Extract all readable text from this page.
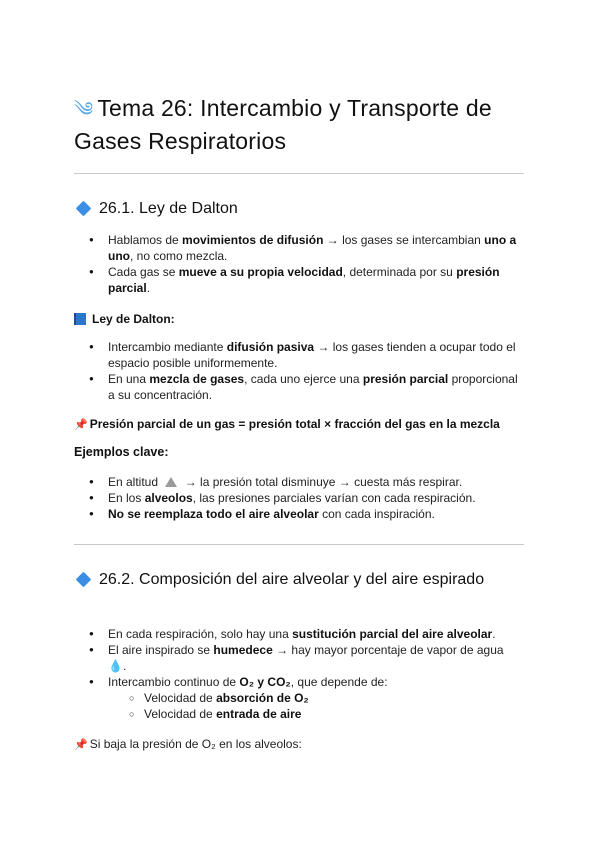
༄ Tema 26: Intercambio y Transporte de Gases Respiratorios
26.1. Ley de Dalton
● Hablamos de movimientos de difusión → los gases se intercambian uno a uno, no como mezcla.
● Cada gas se mueve a su propia velocidad, determinada por su presión parcial.

Ley de Dalton:

● Intercambio mediante difusión pasiva → los gases tienden a ocupar todo el espacio posible uniformemente.
● En una mezcla de gases, cada uno ejerce una presión parcial proporcional a su concentración.

📌 Presión parcial de un gas = presión total × fracción del gas en la mezcla

Ejemplos clave:

● En altitud  → la presión total disminuye → cuesta más respirar.
● En los alveolos, las presiones parciales varían con cada respiración.
● No se reemplaza todo el aire alveolar con cada inspiración.
26.2. Composición del aire alveolar y del aire espirado
● En cada respiración, solo hay una sustitución parcial del aire alveolar.
● El aire inspirado se humedece → hay mayor porcentaje de vapor de agua 💧.
● Intercambio continuo de O₂ y CO₂, que depende de:
○ Velocidad de absorción de O₂
○ Velocidad de entrada de aire

📌 Si baja la presión de O₂ en los alveolos:
